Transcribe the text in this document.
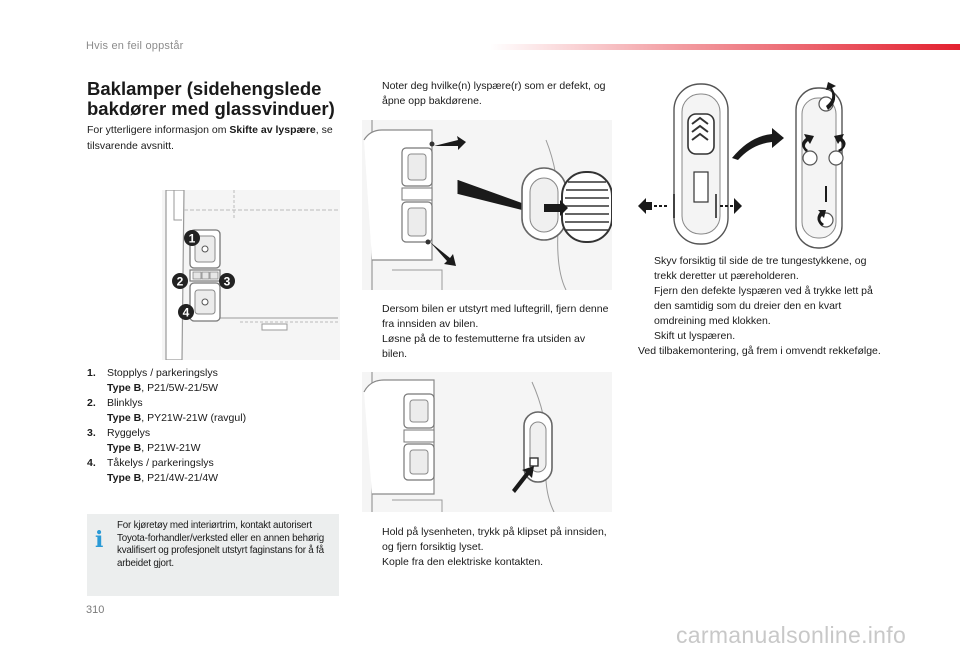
Hvis en feil oppstår
Baklamper (sidehengslede bakdører med glassvinduer)
For ytterligere informasjon om Skifte av lyspære, se tilsvarende avsnitt.
1
2	3
4
1. Stopplys / parkeringslys
Type B, P21/5W-21/5W
2. Blinklys
Type B, PY21W-21W (ravgul)
3. Ryggelys
Type B, P21W-21W
4. Tåkelys / parkeringslys
Type B, P21/4W-21/4W
i
For kjøretøy med interiørtrim, kontakt autorisert Toyota-forhandler/verksted eller en annen behørig kvalifisert og profesjonelt utstyrt faginstans for å få arbeidet gjort.
Noter deg hvilke(n) lyspære(r) som er defekt, og åpne opp bakdørene.
Dersom bilen er utstyrt med luftegrill, fjern denne fra innsiden av bilen.
Løsne på de to festemutterne fra utsiden av bilen.
Hold på lysenheten, trykk på klipset på innsiden, og fjern forsiktig lyset.
Kople fra den elektriske kontakten.
Skyv forsiktig til side de tre tungestykkene, og trekk deretter ut pæreholderen.
Fjern den defekte lyspæren ved å trykke lett på den samtidig som du dreier den en kvart omdreining med klokken.
Skift ut lyspæren.
Ved tilbakemontering, gå frem i omvendt rekkefølge.
310
carmanualsonline.info
